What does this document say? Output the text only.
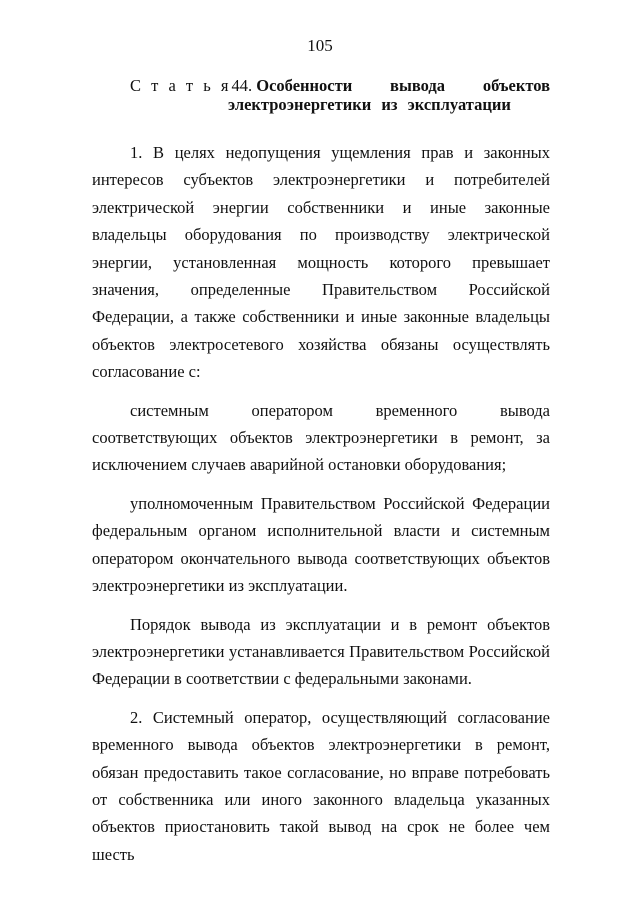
105
С т а т ь я44. Особенности вывода объектов
электроэнергетики из эксплуатации

1. В целях недопущения ущемления прав и законных интересов субъектов электроэнергетики и потребителей электрической энергии собственники и иные законные владельцы оборудования по производству электрической энергии, установленная мощность которого превышает значения, определенные Правительством Российской Федерации, а также собственники и иные законные владельцы объектов электросетевого хозяйства обязаны осуществлять согласование с:

системным оператором временного вывода соответствующих объектов электроэнергетики в ремонт, за исключением случаев аварийной остановки оборудования;

уполномоченным Правительством Российской Федерации федеральным органом исполнительной власти и системным оператором окончательного вывода соответствующих объектов электроэнергетики из эксплуатации.

Порядок вывода из эксплуатации и в ремонт объектов электроэнергетики устанавливается Правительством Российской Федерации в соответствии с федеральными законами.

2. Системный оператор, осуществляющий согласование временного вывода объектов электроэнергетики в ремонт, обязан предоставить такое согласование, но вправе потребовать от собственника или иного законного владельца указанных объектов приостановить такой вывод на срок не более чем шесть
